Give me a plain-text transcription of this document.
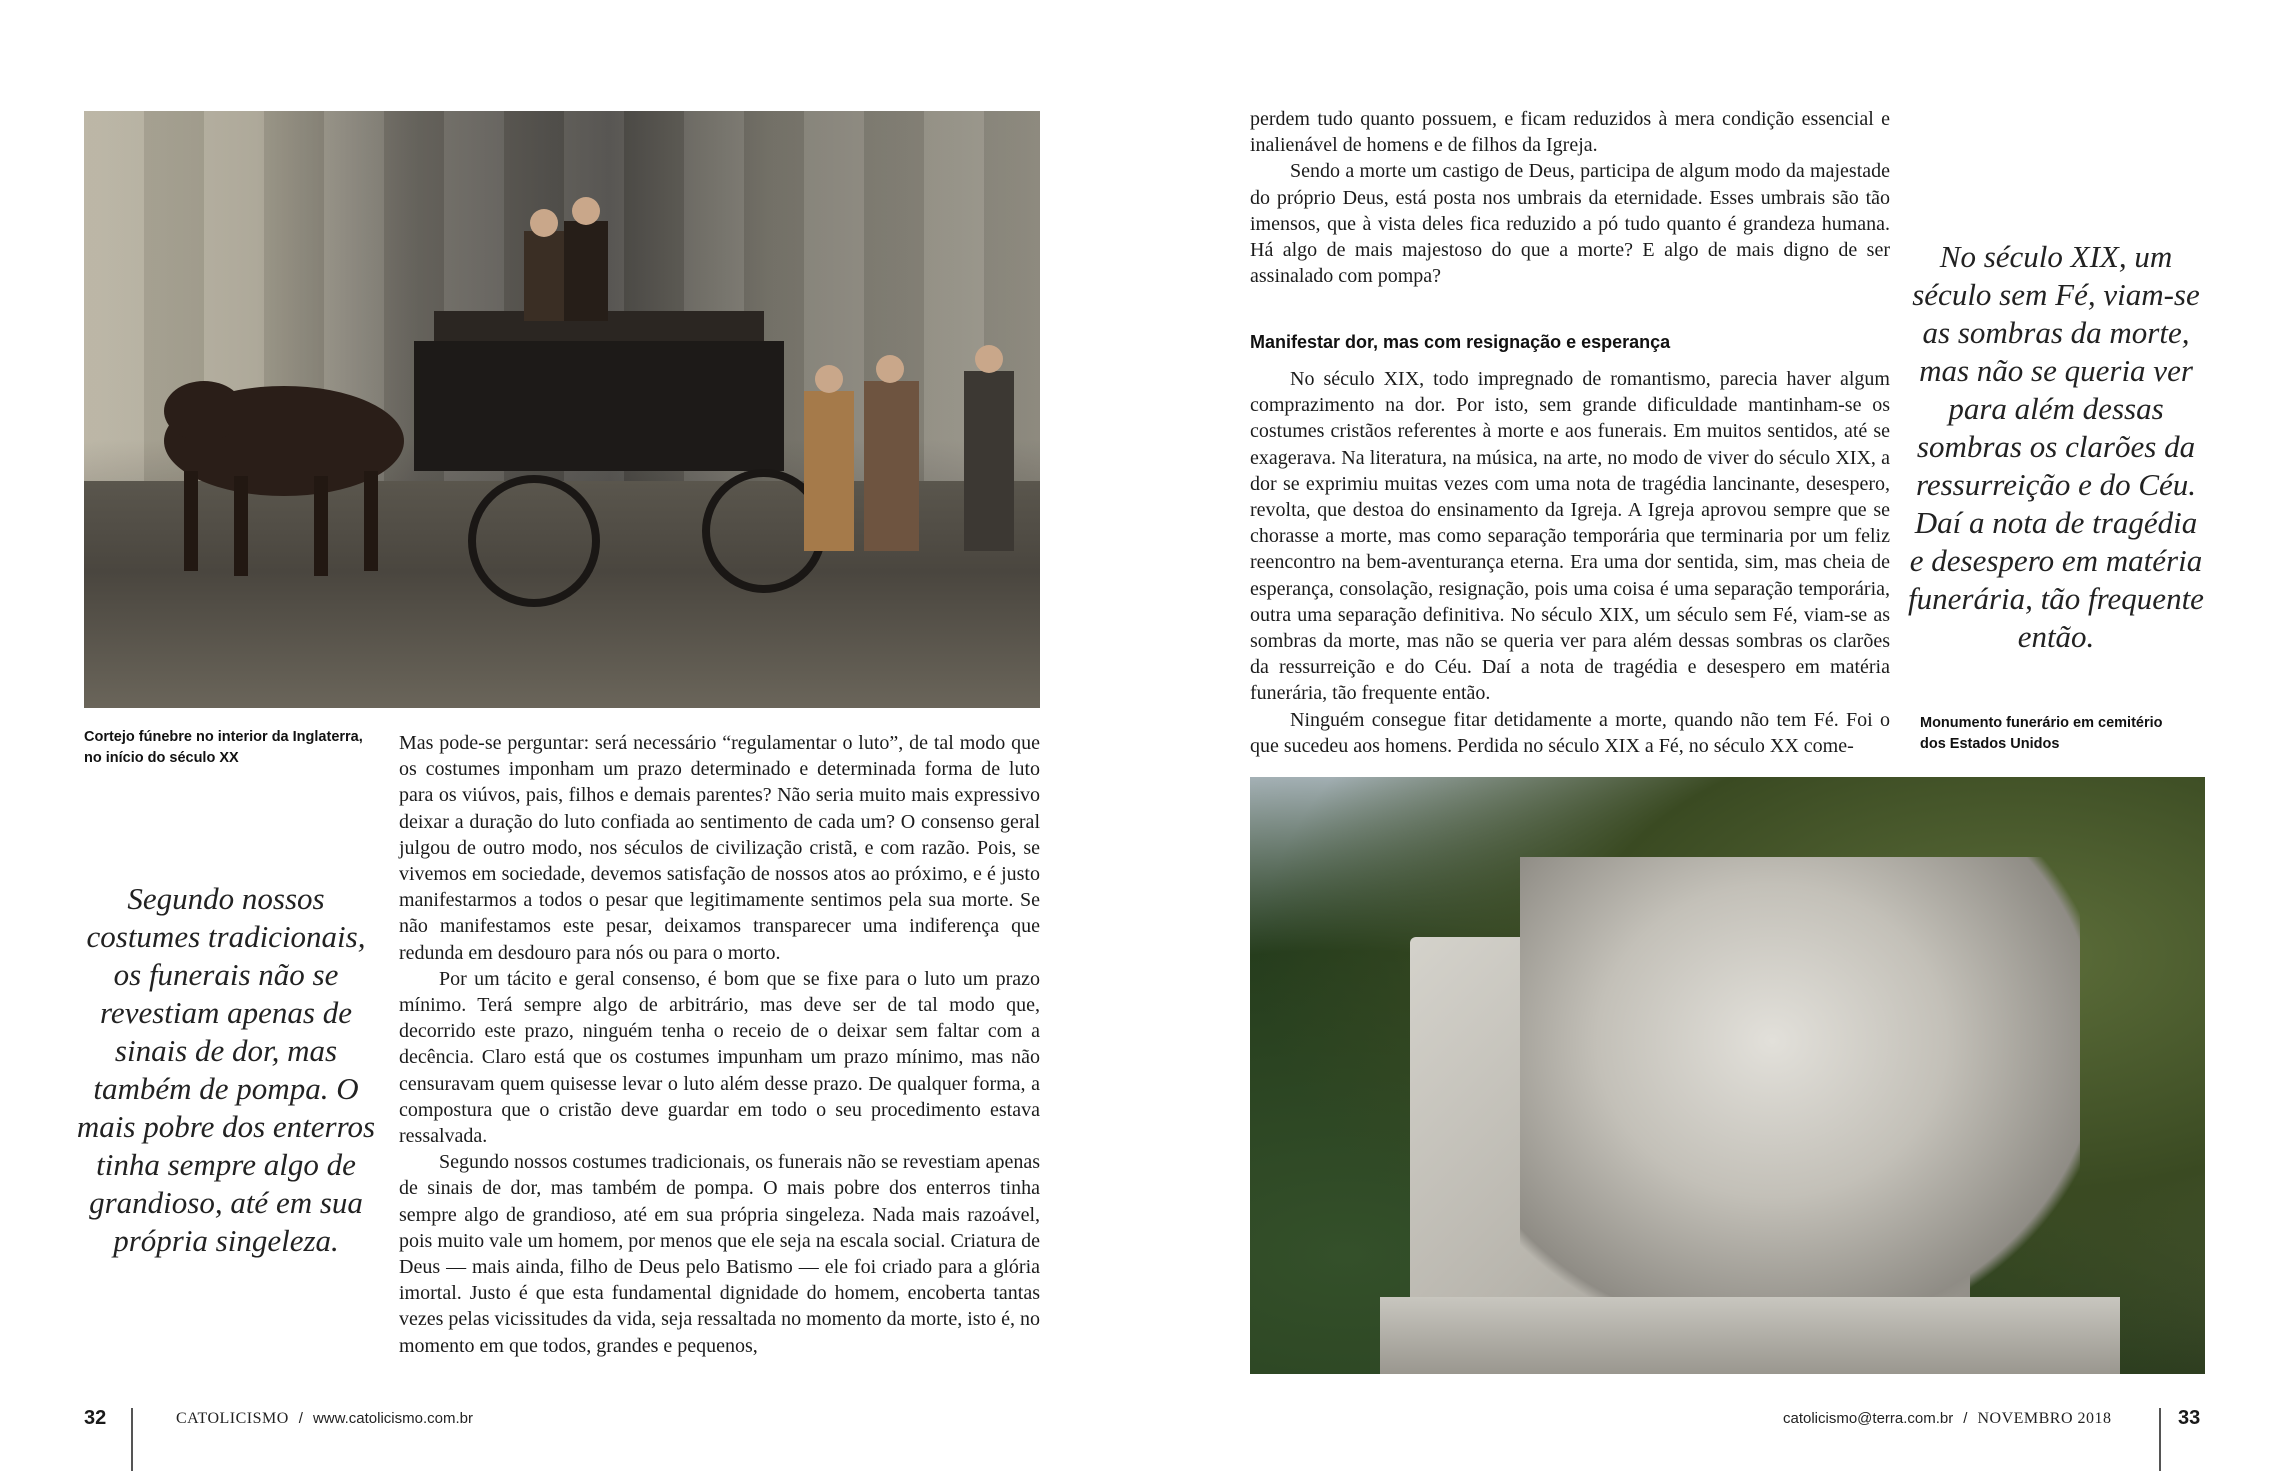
Cortejo fúnebre no interior da Inglaterra, no início do século XX
Segundo nossos costumes tradicionais, os funerais não se revestiam apenas de sinais de dor, mas também de pompa. O mais pobre dos enterros tinha sempre algo de grandioso, até em sua própria singeleza.

Mas pode-se perguntar: será necessário “regulamentar o luto”, de tal modo que os costumes imponham um prazo determinado e determinada forma de luto para os viúvos, pais, filhos e demais parentes? Não seria muito mais expressivo deixar a duração do luto confiada ao sentimento de cada um? O consenso geral julgou de outro modo, nos séculos de civilização cristã, e com razão. Pois, se vivemos em sociedade, devemos satisfação de nossos atos ao próximo, e é justo manifestarmos a todos o pesar que legitimamente sentimos pela sua morte. Se não manifestamos este pesar, deixamos transparecer uma indiferença que redunda em desdouro para nós ou para o morto.

Por um tácito e geral consenso, é bom que se fixe para o luto um prazo mínimo. Terá sempre algo de arbitrário, mas deve ser de tal modo que, decorrido este prazo, ninguém tenha o receio de o deixar sem faltar com a decência. Claro está que os costumes impunham um prazo mínimo, mas não censuravam quem quisesse levar o luto além desse prazo. De qualquer forma, a compostura que o cristão deve guardar em todo o seu procedimento estava ressalvada.

Segundo nossos costumes tradicionais, os funerais não se revestiam apenas de sinais de dor, mas também de pompa. O mais pobre dos enterros tinha sempre algo de grandioso, até em sua própria singeleza. Nada mais razoável, pois muito vale um homem, por menos que ele seja na escala social. Criatura de Deus — mais ainda, filho de Deus pelo Batismo — ele foi criado para a glória imortal. Justo é que esta fundamental dignidade do homem, encoberta tantas vezes pelas vicissitudes da vida, seja ressaltada no momento da morte, isto é, no momento em que todos, grandes e pequenos,

32	CATOLICISMO / www.catolicismo.com.br

perdem tudo quanto possuem, e ficam reduzidos à mera condição essencial e inalienável de homens e de filhos da Igreja.

Sendo a morte um castigo de Deus, participa de algum modo da majestade do próprio Deus, está posta nos umbrais da eternidade. Esses umbrais são tão imensos, que à vista deles fica reduzido a pó tudo quanto é grandeza humana. Há algo de mais majestoso do que a morte? E algo de mais digno de ser assinalado com pompa?

Manifestar dor, mas com resignação e esperança

No século XIX, todo impregnado de romantismo, parecia haver algum comprazimento na dor. Por isto, sem grande dificuldade mantinham-se os costumes cristãos referentes à morte e aos funerais. Em muitos sentidos, até se exagerava. Na literatura, na música, na arte, no modo de viver do século XIX, a dor se exprimiu muitas vezes com uma nota de tragédia lancinante, desespero, revolta, que destoa do ensinamento da Igreja. A Igreja aprovou sempre que se chorasse a morte, mas como separação temporária que terminaria por um feliz reencontro na bem-aventurança eterna. Era uma dor sentida, sim, mas cheia de esperança, consolação, resignação, pois uma coisa é uma separação temporária, outra uma separação definitiva. No século XIX, um século sem Fé, viam-se as sombras da morte, mas não se queria ver para além dessas sombras os clarões da ressurreição e do Céu. Daí a nota de tragédia e desespero em matéria funerária, tão frequente então.

Ninguém consegue fitar detidamente a morte, quando não tem Fé. Foi o que sucedeu aos homens. Perdida no século XIX a Fé, no século XX come-

No século XIX, um século sem Fé, viam-se as sombras da morte, mas não se queria ver para além dessas sombras os clarões da ressurreição e do Céu. Daí a nota de tragédia e desespero em matéria funerária, tão frequente então.
Monumento funerário em cemitério dos Estados Unidos
catolicismo@terra.com.br / NOVEMBRO 2018	33
